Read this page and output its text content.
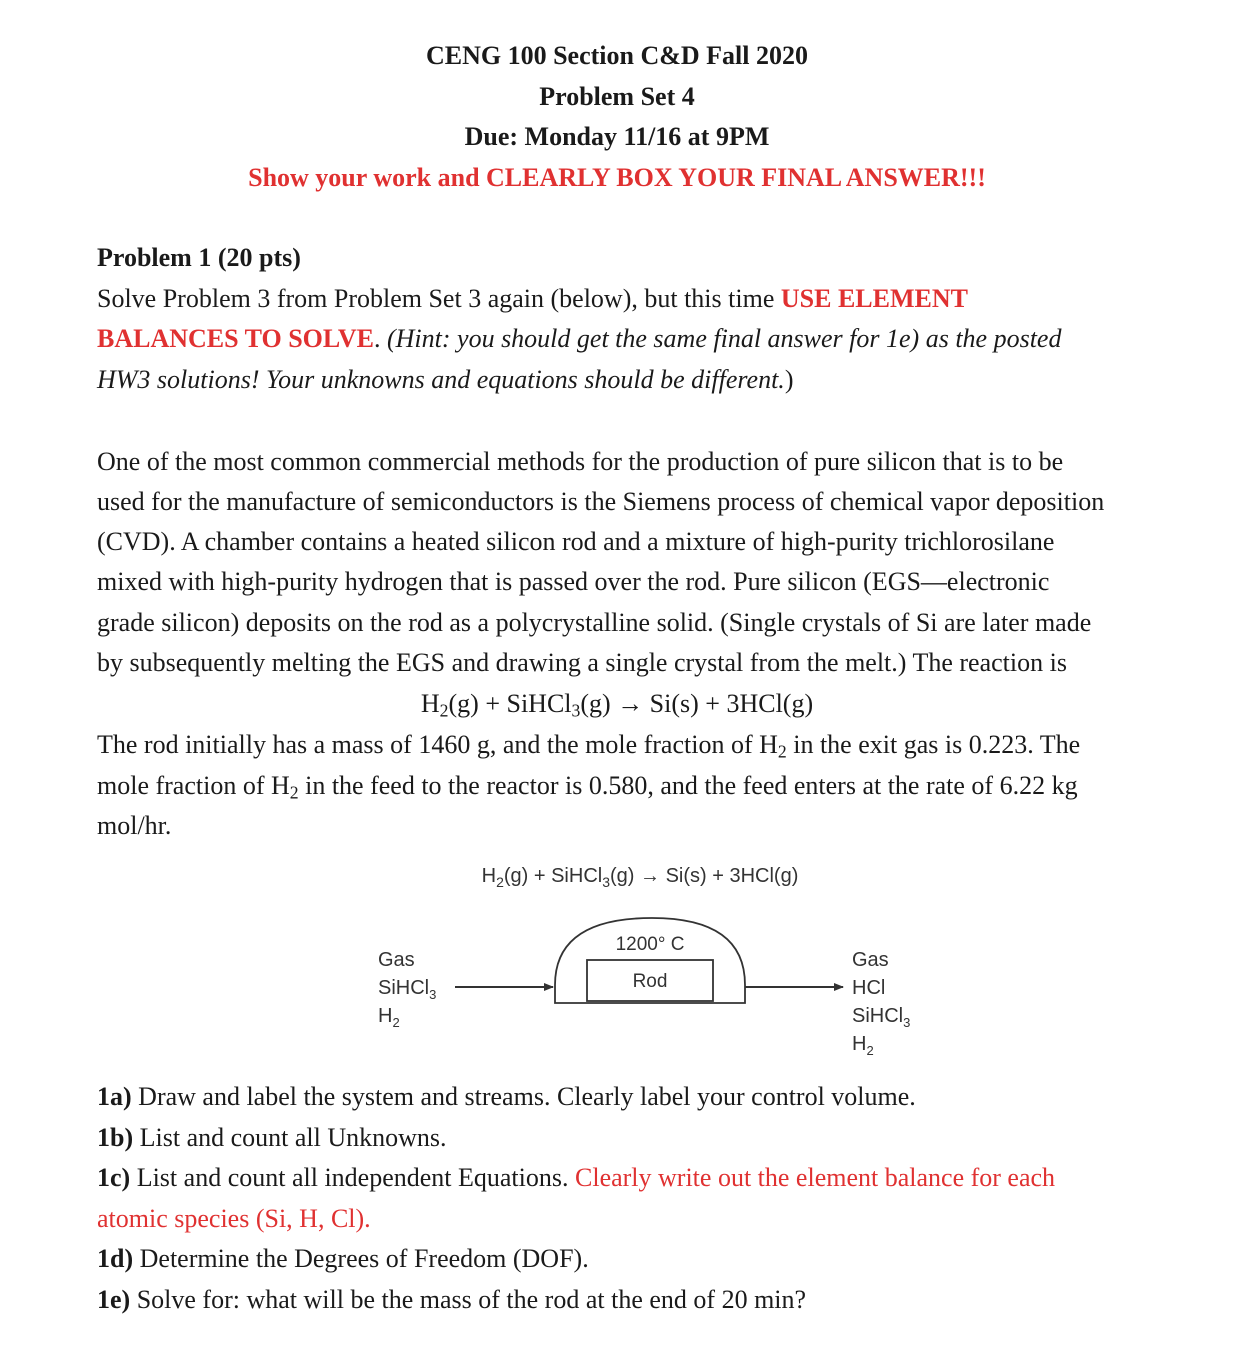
CENG 100 Section C&D Fall 2020
Problem Set 4
Due: Monday 11/16 at 9PM
Show your work and CLEARLY BOX YOUR FINAL ANSWER!!!
Problem 1 (20 pts)
Solve Problem 3 from Problem Set 3 again (below), but this time USE ELEMENT
BALANCES TO SOLVE. (Hint: you should get the same final answer for 1e) as the posted
HW3 solutions! Your unknowns and equations should be different.)
One of the most common commercial methods for the production of pure silicon that is to be
used for the manufacture of semiconductors is the Siemens process of chemical vapor deposition
(CVD). A chamber contains a heated silicon rod and a mixture of high-purity trichlorosilane
mixed with high-purity hydrogen that is passed over the rod. Pure silicon (EGS—electronic
grade silicon) deposits on the rod as a polycrystalline solid. (Single crystals of Si are later made
by subsequently melting the EGS and drawing a single crystal from the melt.) The reaction is
$H_2(g)$ + SiHCl$_3$(g) → Si(s) + 3HCl(g)
The rod initially has a mass of 1460 g, and the mole fraction of $H_2$ in the exit gas is 0.223. The
mole fraction of $H_2$ in the feed to the reactor is 0.580, and the feed enters at the rate of 6.22 kg
mol/hr.
$H_2(g)$ + SiHCl$_3$(g) → Si(s) + 3HCl(g)
1200° C
Rod
Gas
SiHCl$_3$
$H_2$
Gas
HCl
SiHCl$_3$
$H_2$
1a) Draw and label the system and streams. Clearly label your control volume.
1b) List and count all Unknowns.
1c) List and count all independent Equations. Clearly write out the element balance for each
atomic species (Si, H, Cl).
1d) Determine the Degrees of Freedom (DOF).
1e) Solve for: what will be the mass of the rod at the end of 20 min?
